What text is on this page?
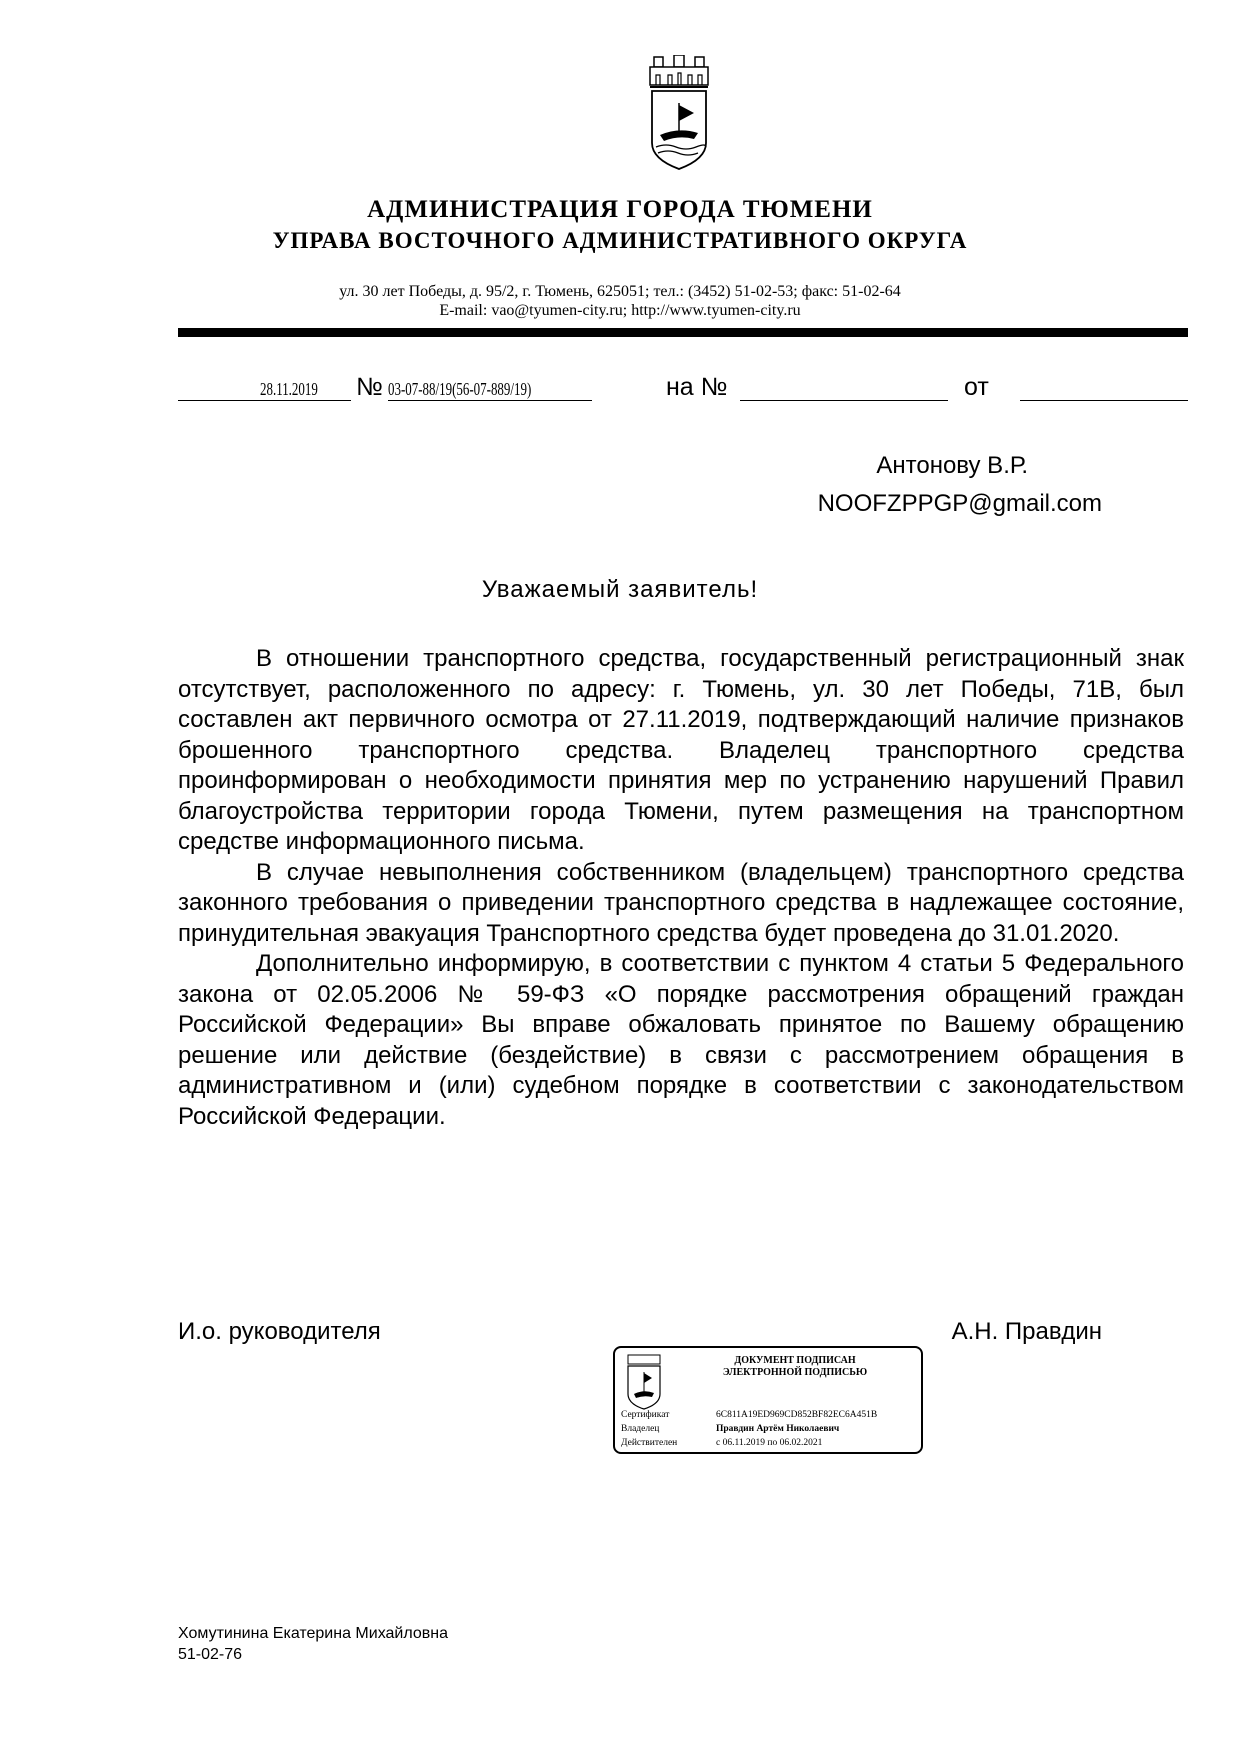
АДМИНИСТРАЦИЯ ГОРОДА ТЮМЕНИ
УПРАВА ВОСТОЧНОГО АДМИНИСТРАТИВНОГО ОКРУГА
ул. 30 лет Победы, д. 95/2, г. Тюмень, 625051; тел.: (3452) 51-02-53; факс: 51-02-64
E-mail: vao@tyumen-city.ru; http://www.tyumen-city.ru
28.11.2019 № 03-07-88/19(56-07-889/19)	на №	от
Антонову В.Р.
NOOFZPPGP@gmail.com
Уважаемый заявитель!

В отношении транспортного средства, государственный регистрационный знак отсутствует, расположенного по адресу: г. Тюмень, ул. 30 лет Победы, 71В, был составлен акт первичного осмотра от 27.11.2019, подтверждающий наличие признаков брошенного транспортного средства. Владелец транспортного средства проинформирован о необходимости принятия мер по устранению нарушений Правил благоустройства территории города Тюмени, путем размещения на транспортном средстве информационного письма.

В случае невыполнения собственником (владельцем) транспортного средства законного требования о приведении транспортного средства в надлежащее состояние, принудительная эвакуация Транспортного средства будет проведена до 31.01.2020.

Дополнительно информирую, в соответствии с пунктом 4 статьи 5 Федерального закона от 02.05.2006 № 59-ФЗ «О порядке рассмотрения обращений граждан Российской Федерации» Вы вправе обжаловать принятое по Вашему обращению решение или действие (бездействие) в связи с рассмотрением обращения в административном и (или) судебном порядке в соответствии с законодательством Российской Федерации.

И.о. руководителя	А.Н. Правдин
ДОКУМЕНТ ПОДПИСАН
ЭЛЕКТРОННОЙ ПОДПИСЬЮ
Сертификат	6C811A19ED969CD852BF82EC6A451B
Владелец	Правдин Артём Николаевич
Действителен	с 06.11.2019 по 06.02.2021
Хомутинина Екатерина Михайловна
51-02-76
